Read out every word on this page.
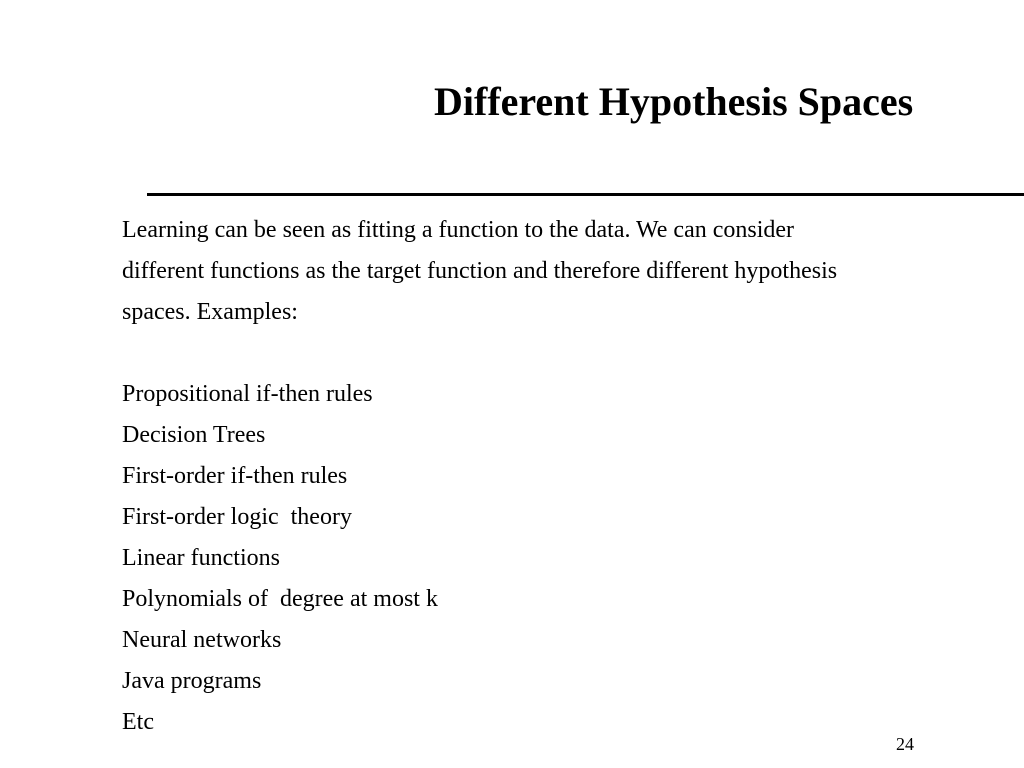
Different Hypothesis Spaces

Learning can be seen as fitting a function to the data. We can consider
different functions as the target function and therefore different hypothesis
spaces. Examples:

Propositional if-then rules
Decision Trees
First-order if-then rules
First-order logic  theory
Linear functions
Polynomials of  degree at most k
Neural networks
Java programs
Etc
24
